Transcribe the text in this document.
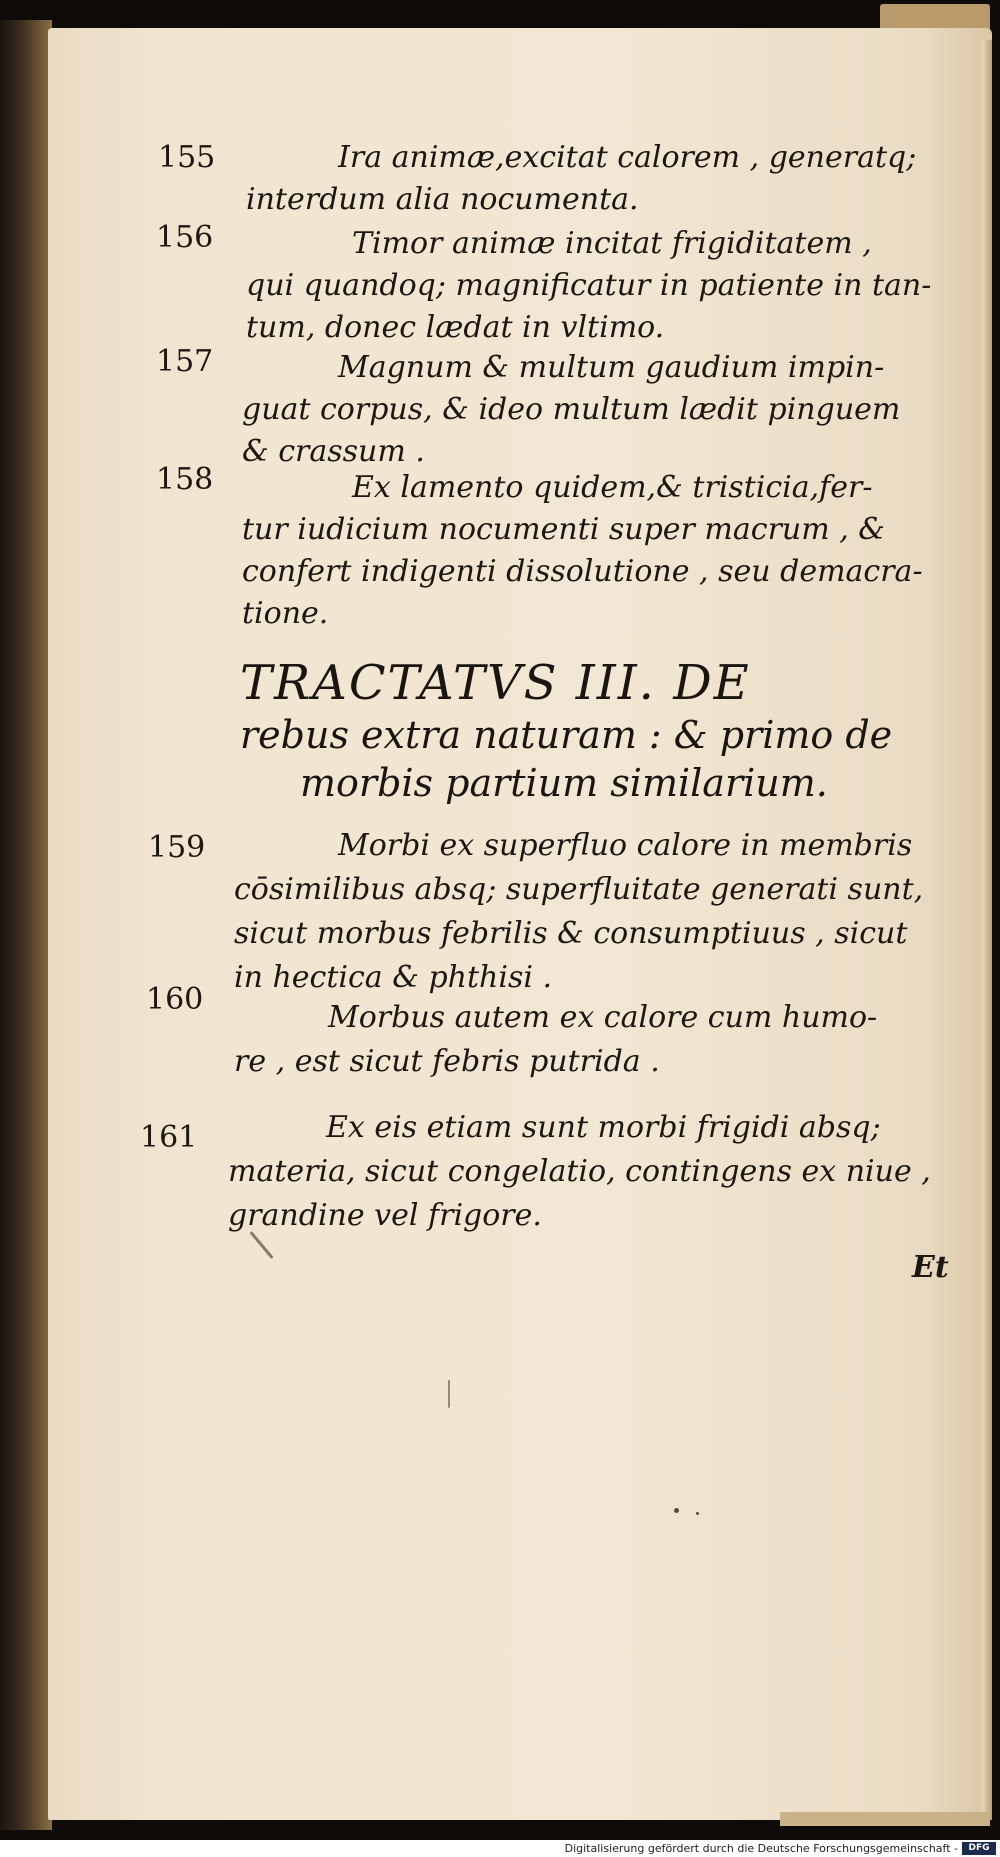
155	Ira animæ,excitat calorem , generatq;

interdum alia nocumenta.

156	Timor animæ incitat frigiditatem ,

qui quandoq; magnificatur in patiente in tan-

tum, donec lædat in vltimo.

157	Magnum & multum gaudium impin-

guat corpus, & ideo multum lædit pinguem

& crassum .

158	Ex lamento quidem,& tristicia,fer-

tur iudicium nocumenti super macrum , &

confert indigenti dissolutione , seu demacra-

tione.

TRACTATVS III. DE

rebus extra naturam : & primo de

morbis partium similarium.

159	Morbi ex superfluo calore in membris

cōsimilibus absq; superfluitate generati sunt,

sicut morbus febrilis & consumptiuus , sicut

in hectica & phthisi .

160

Morbus autem ex calore cum humo-

re , est sicut febris putrida .

161	Ex eis etiam sunt morbi frigidi absq;

materia, sicut congelatio, contingens ex niue ,

grandine vel frigore.

Et

Digitalisierung gefördert durch die Deutsche Forschungsgemeinschaft -	DFG
